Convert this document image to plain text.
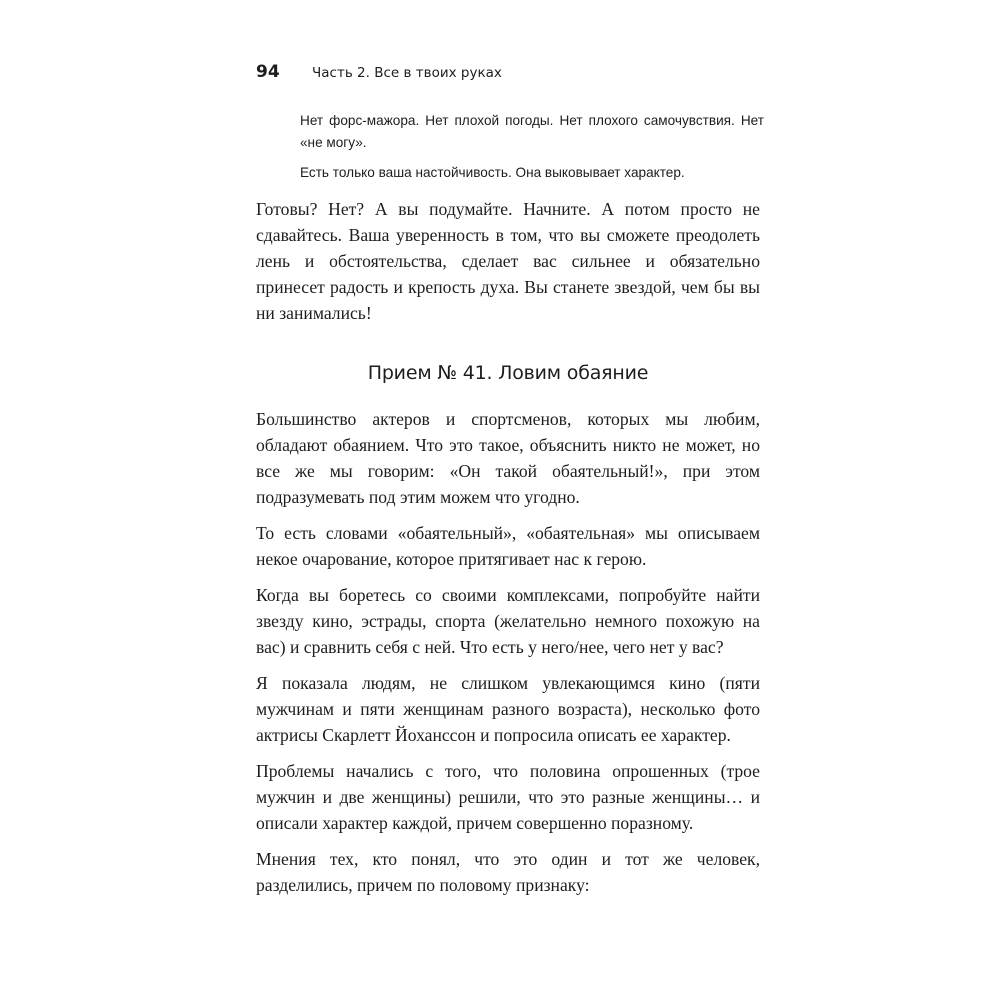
94	Часть 2. Все в твоих руках

Нет форс-мажора. Нет плохой погоды. Нет плохого самочувствия. Нет «не могу».

Есть только ваша настойчивость. Она выковывает характер.

Готовы? Нет? А вы подумайте. Начните. А потом просто не сдавайтесь. Ваша уверенность в том, что вы сможете преодолеть лень и обстоятельства, сделает вас сильнее и обязательно принесет радость и крепость духа. Вы станете звездой, чем бы вы ни занимались!

Прием № 41. Ловим обаяние

Большинство актеров и спортсменов, которых мы любим, обладают обаянием. Что это такое, объяснить никто не может, но все же мы говорим: «Он такой обаятельный!», при этом подразумевать под этим можем что угодно.

То есть словами «обаятельный», «обаятельная» мы описываем некое очарование, которое притягивает нас к герою.

Когда вы боретесь со своими комплексами, попробуйте найти звезду кино, эстрады, спорта (желательно немного похожую на вас) и сравнить себя с ней. Что есть у него/нее, чего нет у вас?

Я показала людям, не слишком увлекающимся кино (пяти мужчинам и пяти женщинам разного возраста), несколько фото актрисы Скарлетт Йоханссон и попросила описать ее характер.

Проблемы начались с того, что половина опрошенных (трое мужчин и две женщины) решили, что это разные женщины… и описали характер каждой, причем совершенно поразному.

Мнения тех, кто понял, что это один и тот же человек, разделились, причем по половому признаку:
